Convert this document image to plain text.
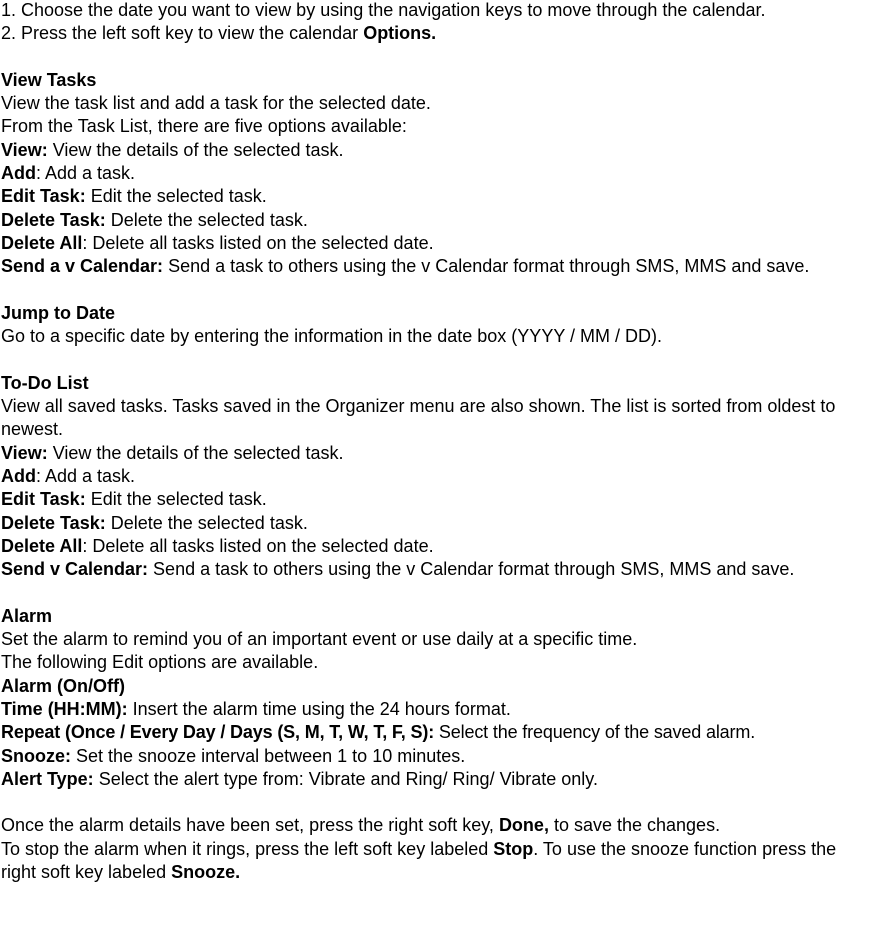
1. Choose the date you want to view by using the navigation keys to move through the calendar.
2. Press the left soft key to view the calendar Options.
View Tasks
View the task list and add a task for the selected date.
From the Task List, there are five options available:
View: View the details of the selected task.
Add: Add a task.
Edit Task: Edit the selected task.
Delete Task: Delete the selected task.
Delete All: Delete all tasks listed on the selected date.
Send a v Calendar: Send a task to others using the v Calendar format through SMS, MMS and save.
Jump to Date
Go to a specific date by entering the information in the date box (YYYY / MM / DD).
To-Do List
View all saved tasks. Tasks saved in the Organizer menu are also shown. The list is sorted from oldest to newest.
View: View the details of the selected task.
Add: Add a task.
Edit Task: Edit the selected task.
Delete Task: Delete the selected task.
Delete All: Delete all tasks listed on the selected date.
Send v Calendar: Send a task to others using the v Calendar format through SMS, MMS and save.
Alarm
Set the alarm to remind you of an important event or use daily at a specific time.
The following Edit options are available.
Alarm (On/Off)
Time (HH:MM): Insert the alarm time using the 24 hours format.
Repeat (Once / Every Day / Days (S, M, T, W, T, F, S): Select the frequency of the saved alarm.
Snooze: Set the snooze interval between 1 to 10 minutes.
Alert Type: Select the alert type from: Vibrate and Ring/ Ring/ Vibrate only.
Once the alarm details have been set, press the right soft key, Done, to save the changes.
To stop the alarm when it rings, press the left soft key labeled Stop. To use the snooze function press the right soft key labeled Snooze.
